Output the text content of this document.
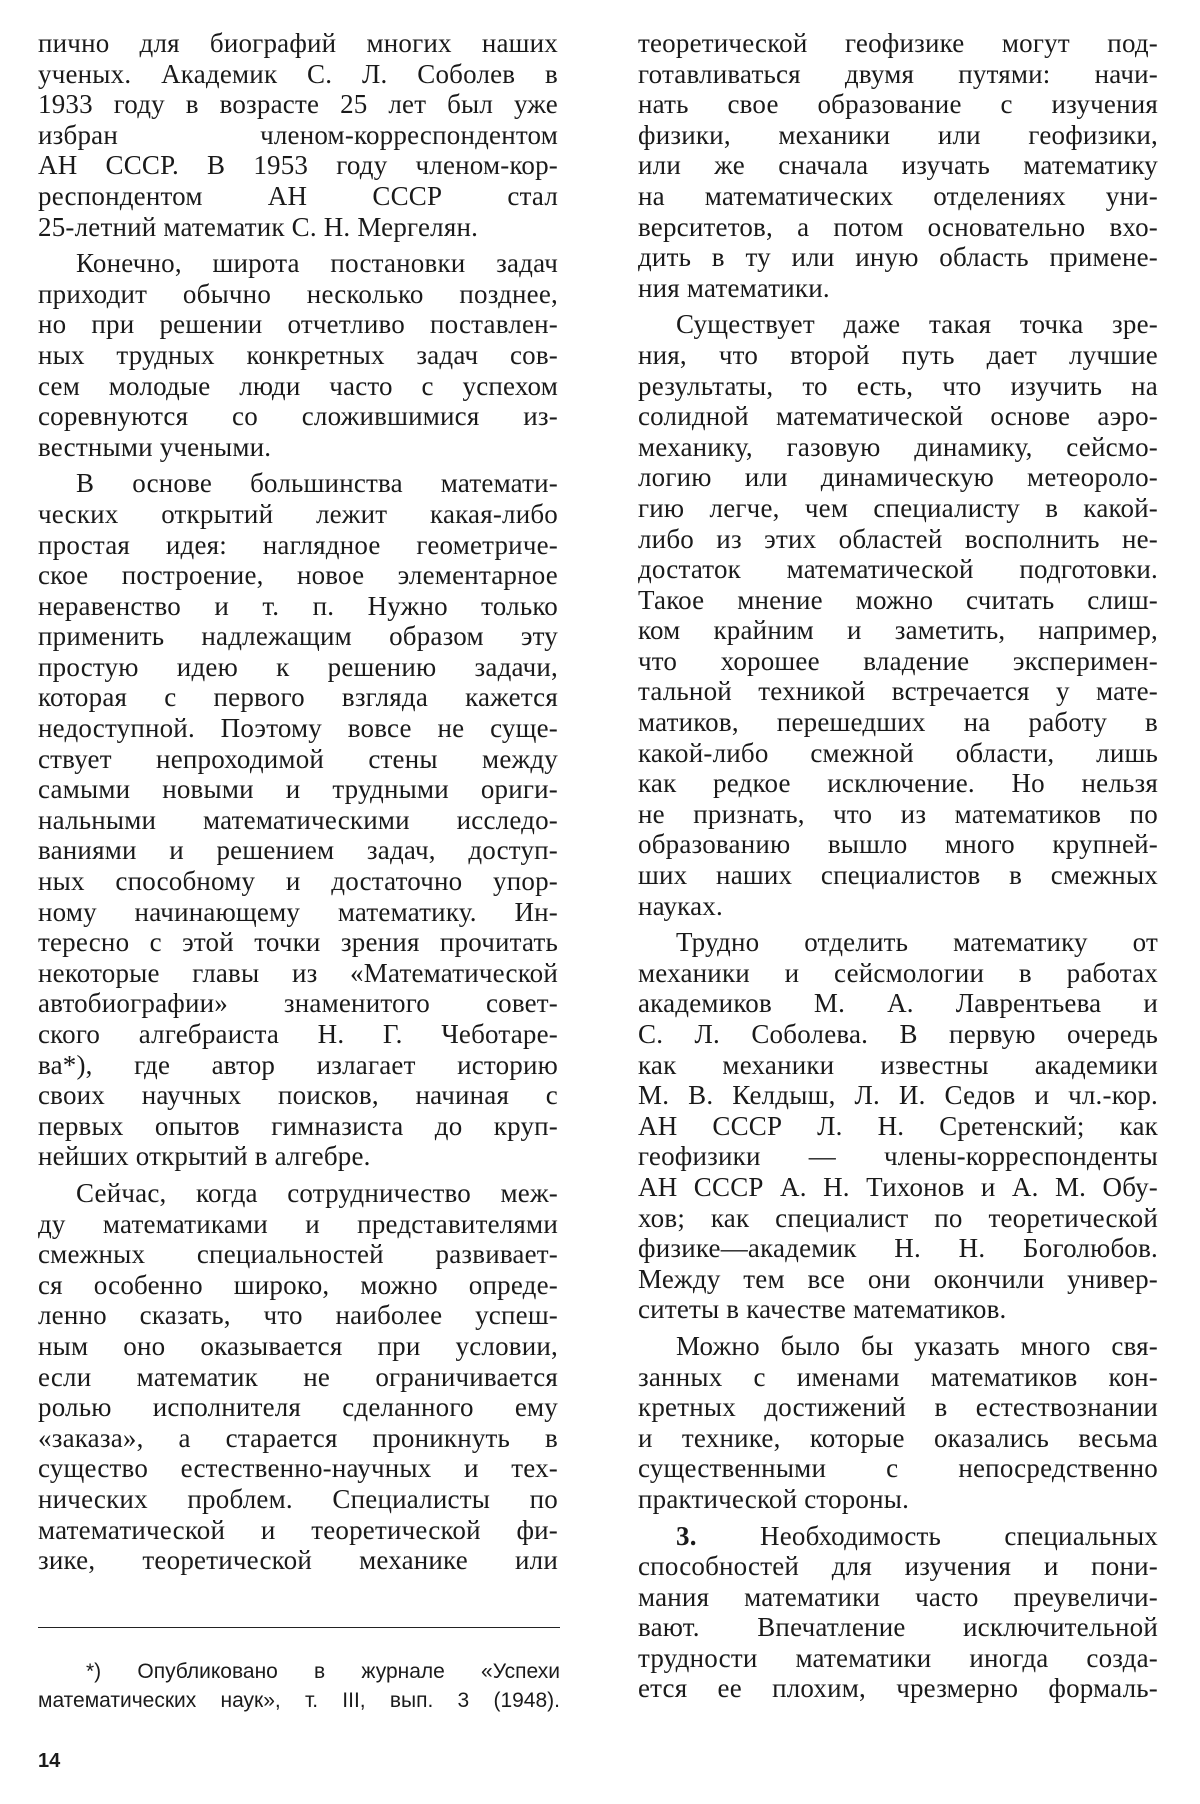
пично для биографий многих наших
ученых. Академик С. Л. Соболев в
1933 году в возрасте 25 лет был уже
избран членом-корреспондентом
АН СССР. В 1953 году членом-кор-
респондентом АН СССР стал
25-летний математик С. Н. Мергелян.
Конечно, широта постановки задач
приходит обычно несколько позднее,
но при решении отчетливо поставлен-
ных трудных конкретных задач сов-
сем молодые люди часто с успехом
соревнуются со сложившимися из-
вестными учеными.
В основе большинства математи-
ческих открытий лежит какая-либо
простая идея: наглядное геометриче-
ское построение, новое элементарное
неравенство и т. п. Нужно только
применить надлежащим образом эту
простую идею к решению задачи,
которая с первого взгляда кажется
недоступной. Поэтому вовсе не суще-
ствует непроходимой стены между
самыми новыми и трудными ориги-
нальными математическими исследо-
ваниями и решением задач, доступ-
ных способному и достаточно упор-
ному начинающему математику. Ин-
тересно с этой точки зрения прочитать
некоторые главы из «Математической
автобиографии» знаменитого совет-
ского алгебраиста Н. Г. Чеботаре-
ва*), где автор излагает историю
своих научных поисков, начиная с
первых опытов гимназиста до круп-
нейших открытий в алгебре.
Сейчас, когда сотрудничество меж-
ду математиками и представителями
смежных специальностей развивает-
ся особенно широко, можно опреде-
ленно сказать, что наиболее успеш-
ным оно оказывается при условии,
если математик не ограничивается
ролью исполнителя сделанного ему
«заказа», а старается проникнуть в
существо естественно-научных и тех-
нических проблем. Специалисты по
математической и теоретической фи-
зике, теоретической механике или
теоретической геофизике могут под-
готавливаться двумя путями: начи-
нать свое образование с изучения
физики, механики или геофизики,
или же сначала изучать математику
на математических отделениях уни-
верситетов, а потом основательно вхо-
дить в ту или иную область примене-
ния математики.
Существует даже такая точка зре-
ния, что второй путь дает лучшие
результаты, то есть, что изучить на
солидной математической основе аэро-
механику, газовую динамику, сейсмо-
логию или динамическую метеороло-
гию легче, чем специалисту в какой-
либо из этих областей восполнить не-
достаток математической подготовки.
Такое мнение можно считать слиш-
ком крайним и заметить, например,
что хорошее владение эксперимен-
тальной техникой встречается у мате-
матиков, перешедших на работу в
какой-либо смежной области, лишь
как редкое исключение. Но нельзя
не признать, что из математиков по
образованию вышло много крупней-
ших наших специалистов в смежных
науках.
Трудно отделить математику от
механики и сейсмологии в работах
академиков М. А. Лаврентьева и
С. Л. Соболева. В первую очередь
как механики известны академики
М. В. Келдыш, Л. И. Седов и чл.-кор.
АН СССР Л. Н. Сретенский; как
геофизики — члены-корреспонденты
АН СССР А. Н. Тихонов и А. М. Обу-
хов; как специалист по теоретической
физике—академик Н. Н. Боголюбов.
Между тем все они окончили универ-
ситеты в качестве математиков.
Можно было бы указать много свя-
занных с именами математиков кон-
кретных достижений в естествознании
и технике, которые оказались весьма
существенными с непосредственно
практической стороны.
3. Необходимость специальных
способностей для изучения и пони-
мания математики часто преувеличи-
вают. Впечатление исключительной
трудности математики иногда созда-
ется ее плохим, чрезмерно формаль-
*) Опубликовано в журнале «Успехи
математических наук», т. III, вып. 3 (1948).
14
